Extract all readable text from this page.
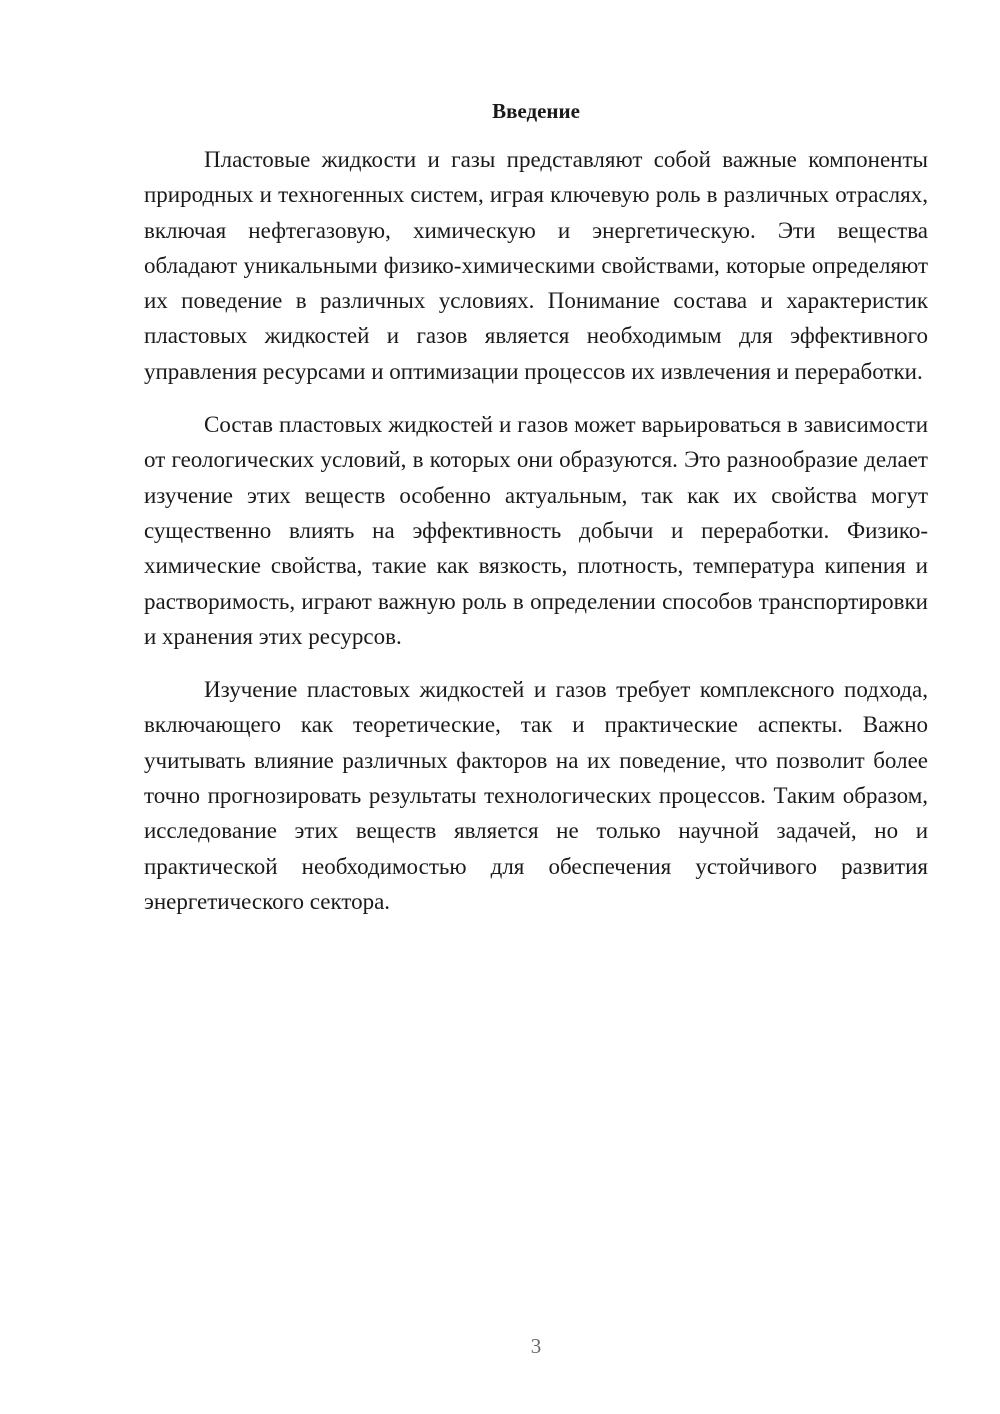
Введение

Пластовые жидкости и газы представляют собой важные компоненты природных и техногенных систем, играя ключевую роль в различных отраслях, включая нефтегазовую, химическую и энергетическую. Эти вещества обладают уникальными физико-химическими свойствами, которые определяют их поведение в различных условиях. Понимание состава и характеристик пластовых жидкостей и газов является необходимым для эффективного управления ресурсами и оптимизации процессов их извлечения и переработки.

Состав пластовых жидкостей и газов может варьироваться в зависимости от геологических условий, в которых они образуются. Это разнообразие делает изучение этих веществ особенно актуальным, так как их свойства могут существенно влиять на эффективность добычи и переработки. Физико-химические свойства, такие как вязкость, плотность, температура кипения и растворимость, играют важную роль в определении способов транспортировки и хранения этих ресурсов.

Изучение пластовых жидкостей и газов требует комплексного подхода, включающего как теоретические, так и практические аспекты. Важно учитывать влияние различных факторов на их поведение, что позволит более точно прогнозировать результаты технологических процессов. Таким образом, исследование этих веществ является не только научной задачей, но и практической необходимостью для обеспечения устойчивого развития энергетического сектора.

3
